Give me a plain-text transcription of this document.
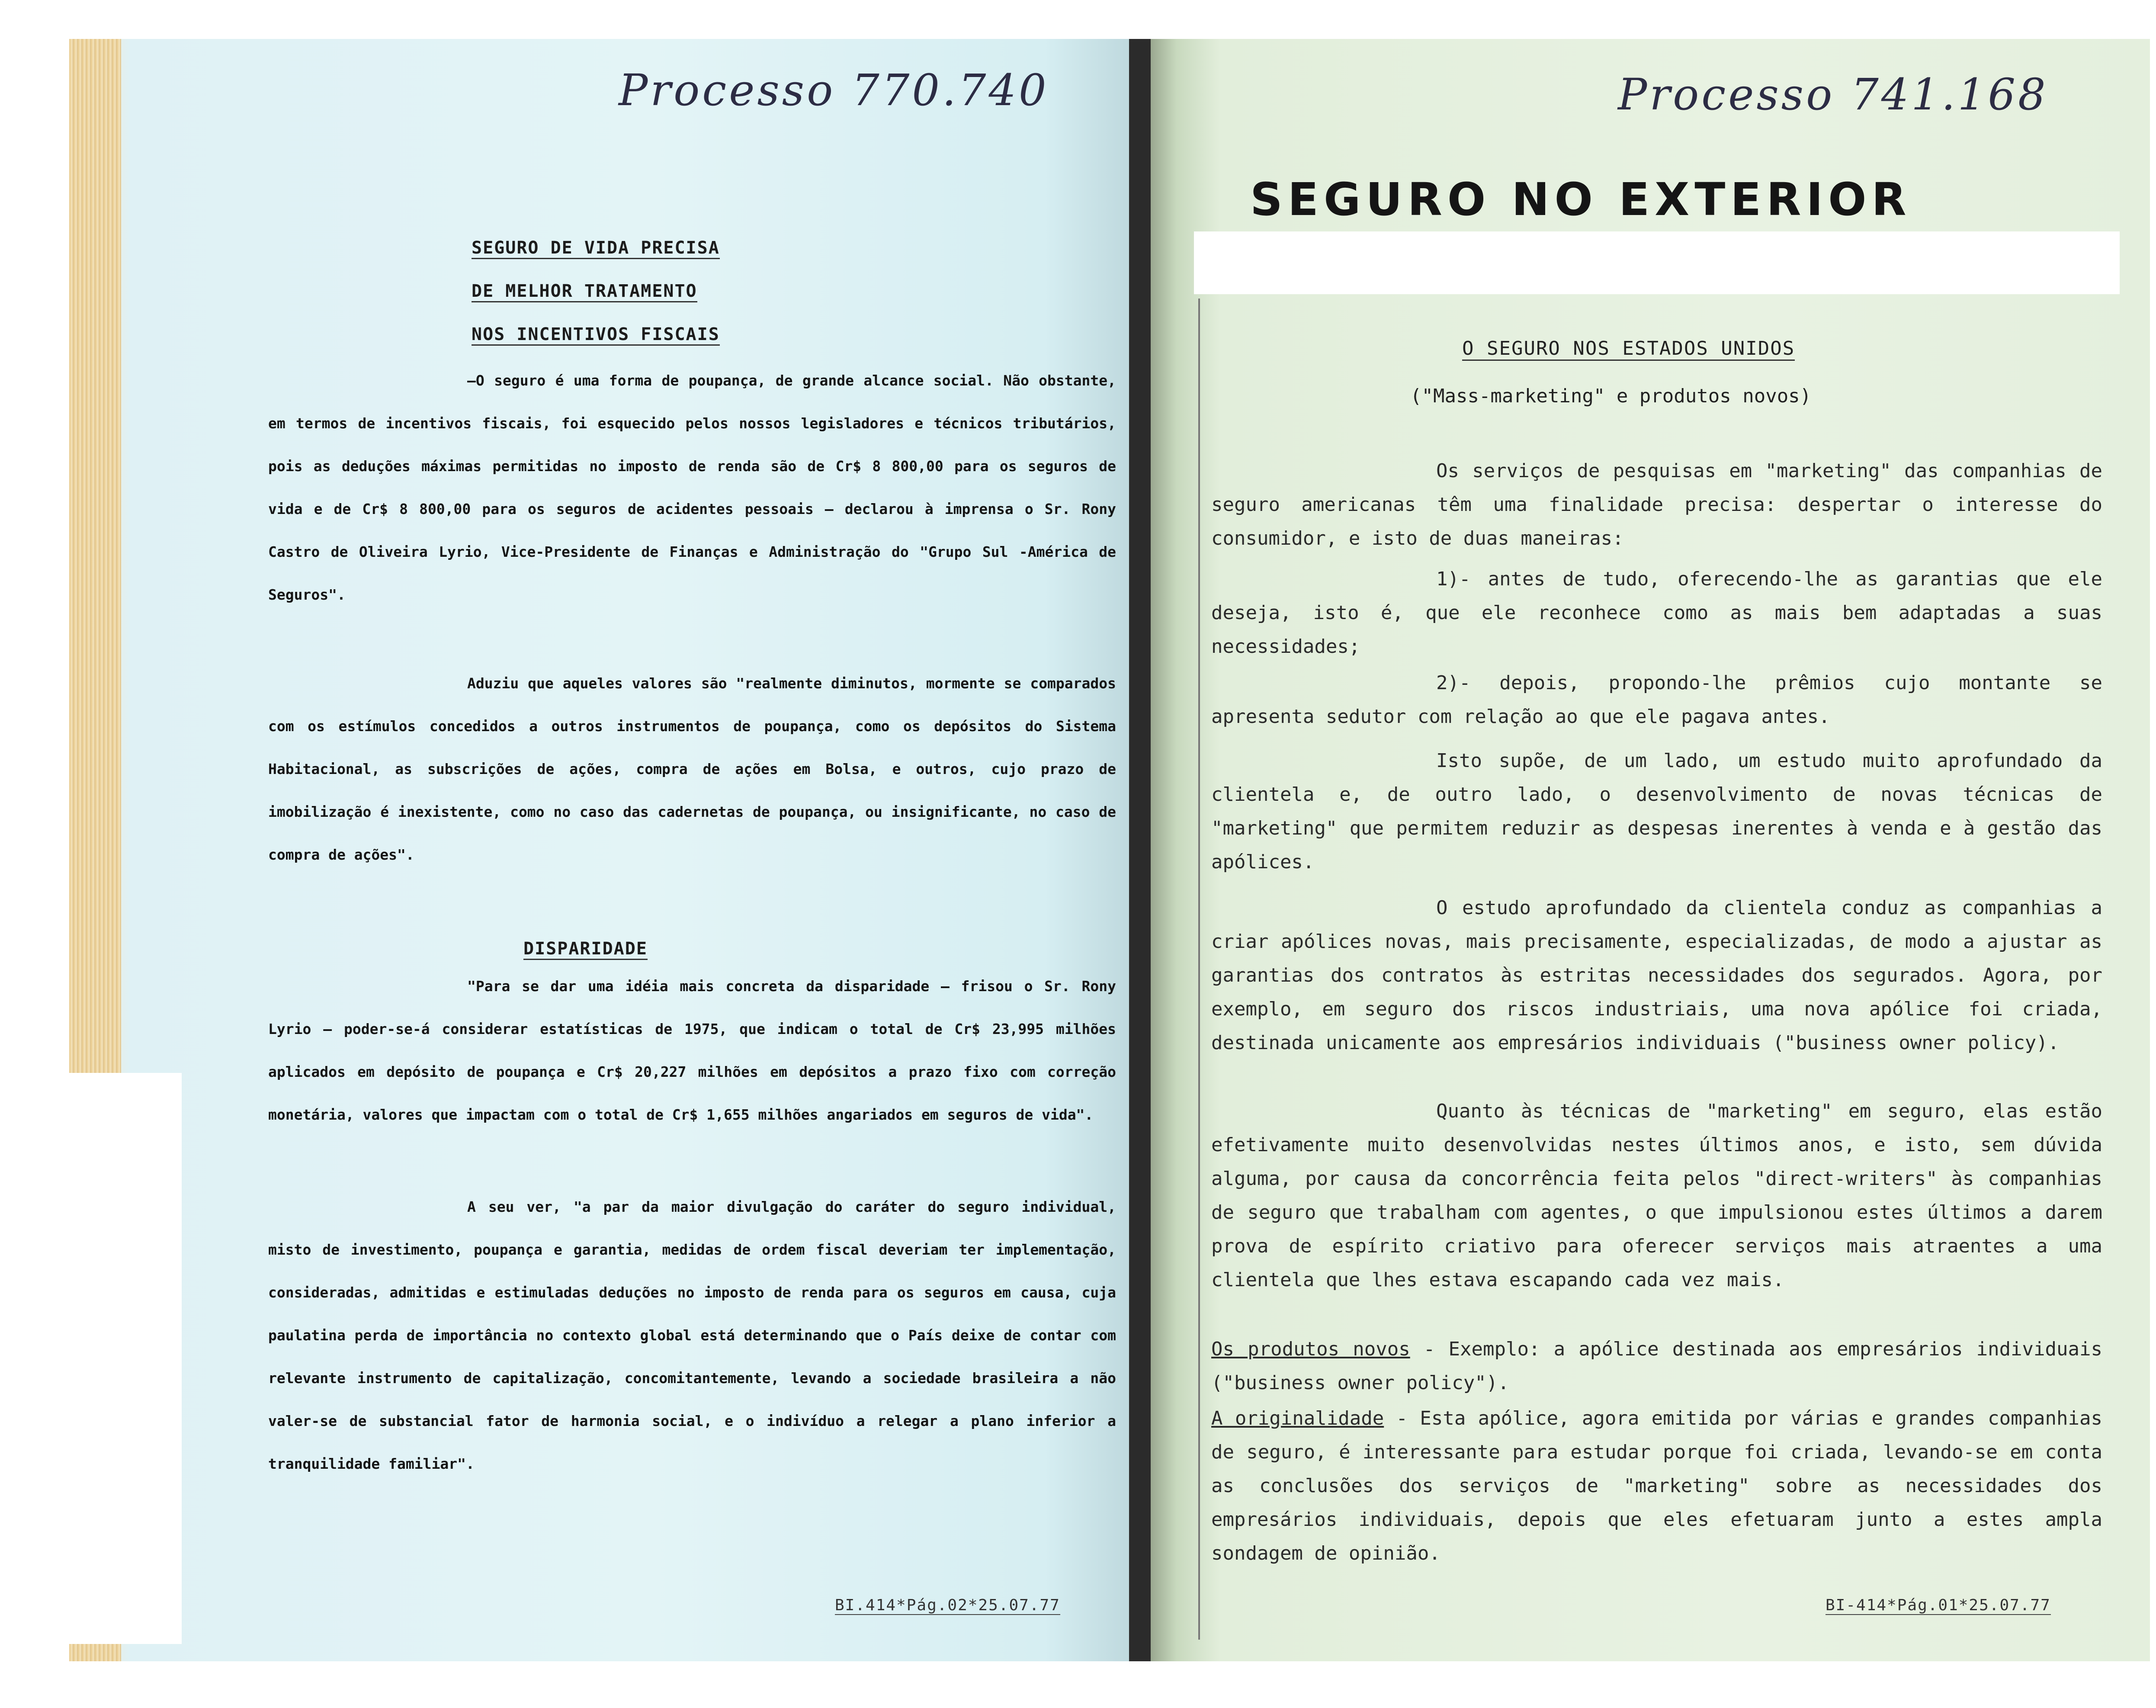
Processo 770.740
SEGURO DE VIDA PRECISA
DE MELHOR TRATAMENTO
NOS INCENTIVOS FISCAIS

—O seguro é uma forma de poupança, de grande alcance social. Não obstante, em termos de incentivos fiscais, foi esquecido pelos nossos legisladores e técnicos tributários, pois as deduções máximas permitidas no imposto de renda são de Cr$ 8 800,00 para os seguros de vida e de Cr$ 8 800,00 para os seguros de acidentes pessoais — declarou à imprensa o Sr. Rony Castro de Oliveira Lyrio, Vice-Presidente de Finanças e Administração do "Grupo Sul -América de Seguros".

Aduziu que aqueles valores são "realmente diminutos, mormente se comparados com os estímulos concedidos a outros instrumentos de poupança, como os depósitos do Sistema Habitacional, as subscrições de ações, compra de ações em Bolsa, e outros, cujo prazo de imobilização é inexistente, como no caso das cadernetas de poupança, ou insignificante, no caso de compra de ações".

DISPARIDADE

"Para se dar uma idéia mais concreta da disparidade — frisou o Sr. Rony Lyrio — poder-se-á considerar estatísticas de 1975, que indicam o total de Cr$ 23,995 milhões aplicados em depósito de poupança e Cr$ 20,227 milhões em depósitos a prazo fixo com correção monetária, valores que impactam com o total de Cr$ 1,655 milhões angariados em seguros de vida".

A seu ver, "a par da maior divulgação do caráter do seguro individual, misto de investimento, poupança e garantia, medidas de ordem fiscal deveriam ter implementação, consideradas, admitidas e estimuladas deduções no imposto de renda para os seguros em causa, cuja paulatina perda de importância no contexto global está determinando que o País deixe de contar com relevante instrumento de capitalização, concomitantemente, levando a sociedade brasileira a não valer-se de substancial fator de harmonia social, e o indivíduo a relegar a plano inferior a tranquilidade familiar".

BI.414*Pág.02*25.07.77
Processo 741.168
SEGURO NO EXTERIOR
O SEGURO NOS ESTADOS UNIDOS
("Mass-marketing" e produtos novos)

Os serviços de pesquisas em "marketing" das companhias de seguro americanas têm uma finalidade precisa: despertar o interesse do consumidor, e isto de duas maneiras:

1)- antes de tudo, oferecendo-lhe as garantias que ele deseja, isto é, que ele reconhece como as mais bem adaptadas a suas necessidades;

2)- depois, propondo-lhe prêmios cujo montante se apresenta sedutor com relação ao que ele pagava antes.

Isto supõe, de um lado, um estudo muito aprofundado da clientela e, de outro lado, o desenvolvimento de novas técnicas de "marketing" que permitem reduzir as despesas inerentes à venda e à gestão das apólices.

O estudo aprofundado da clientela conduz as companhias a criar apólices novas, mais precisamente, especializadas, de modo a ajustar as garantias dos contratos às estritas necessidades dos segurados. Agora, por exemplo, em seguro dos riscos industriais, uma nova apólice foi criada, destinada unicamente aos empresários individuais ("business owner policy).

Quanto às técnicas de "marketing" em seguro, elas estão efetivamente muito desenvolvidas nestes últimos anos, e isto, sem dúvida alguma, por causa da concorrência feita pelos "direct-writers" às companhias de seguro que trabalham com agentes, o que impulsionou estes últimos a darem prova de espírito criativo para oferecer serviços mais atraentes a uma clientela que lhes estava escapando cada vez mais.

Os produtos novos - Exemplo: a apólice destinada aos empresários individuais ("business owner policy").

A originalidade - Esta apólice, agora emitida por várias e grandes companhias de seguro, é interessante para estudar porque foi criada, levando-se em conta as conclusões dos serviços de "marketing" sobre as necessidades dos empresários individuais, depois que eles efetuaram junto a estes ampla sondagem de opinião.

BI-414*Pág.01*25.07.77
